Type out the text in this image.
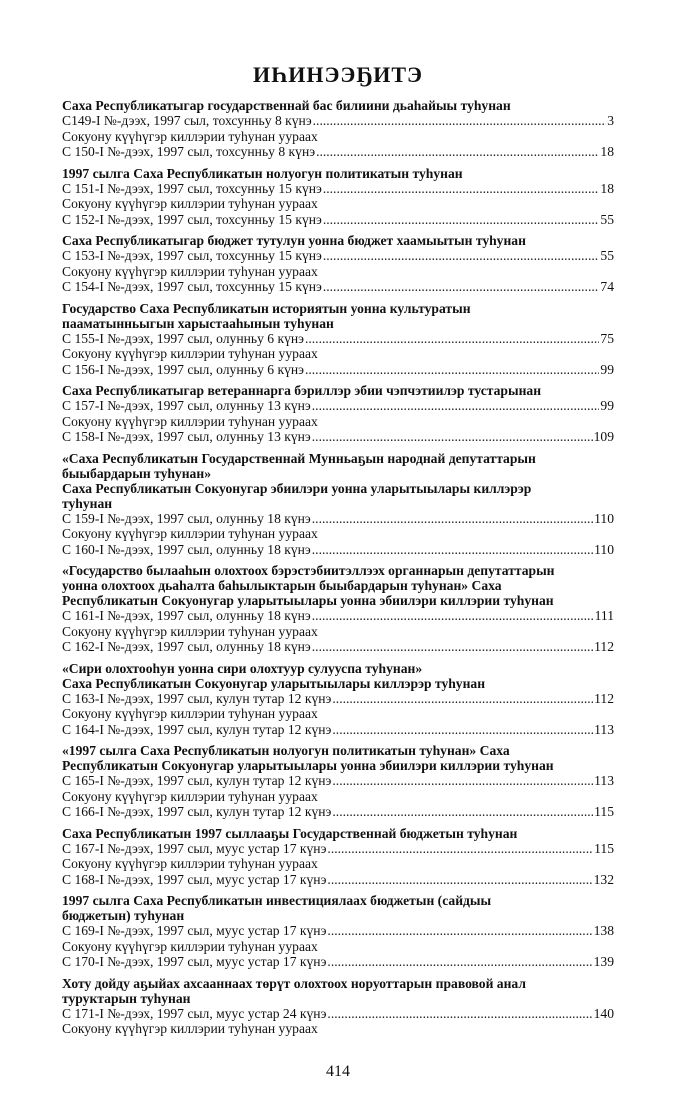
ИҺИНЭЭҔИТЭ
Саха Республикатыгар государственнай бас билиини дьаһайыы туһунан
С149-I №-дээх, 1997 сыл, тохсунньу 8 күнэ .....	3
Сокуону күүһүгэр киллэрии туһунан уураах
С 150-I №-дээх, 1997 сыл, тохсунньу 8 күнэ .....	18
1997 сылга Саха Республикатын нолуогун политикатын туһунан
С 151-I №-дээх, 1997 сыл, тохсунньу 15 күнэ .....	18
Сокуону күүһүгэр киллэрии туһунан уураах
С 152-I №-дээх, 1997 сыл, тохсунньу 15 күнэ .....	55
Саха Республикатыгар бюджет тутулун уонна бюджет хаамыытын туһунан
С 153-I №-дээх, 1997 сыл, тохсунньу 15 күнэ .....	55
Сокуону күүһүгэр киллэрии туһунан уураах
С 154-I №-дээх, 1997 сыл, тохсунньу 15 күнэ .....	74
Государство Саха Республикатын историятын уонна культуратын
пааматынньыгын харыстааһынын туһунан
С 155-I №-дээх, 1997 сыл, олунньу 6 күнэ .....	75
Сокуону күүһүгэр киллэрии туһунан уураах
С 156-I №-дээх, 1997 сыл, олунньу 6 күнэ .....	99
Саха Республикатыгар ветераннарга бэриллэр эбии чэпчэтиилэр тустарынан
С 157-I №-дээх, 1997 сыл, олунньу 13 күнэ .....	99
Сокуону күүһүгэр киллэрии туһунан уураах
С 158-I №-дээх, 1997 сыл, олунньу 13 күнэ .....	109
«Саха Республикатын Государственнай Мунньаҕын народнай депутаттарын
быыбардарын туһунан»
Саха Республикатын Сокуонугар эбиилэри уонна уларытыылары киллэрэр
туһунан
С 159-I №-дээх, 1997 сыл, олунньу 18 күнэ .....	110
Сокуону күүһүгэр киллэрии туһунан уураах
С 160-I №-дээх, 1997 сыл, олунньу 18 күнэ .....	110
«Государство былааһын олохтоох бэрэстэбиитэллээх органнарын депутаттарын
уонна олохтоох дьаһалта баһылыктарын быыбардарын туһунан» Саха
Республикатын Сокуонугар уларытыылары уонна эбиилэри киллэрии туһунан
С 161-I №-дээх, 1997 сыл, олунньу 18 күнэ .....	111
Сокуону күүһүгэр киллэрии туһунан уураах
С 162-I №-дээх, 1997 сыл, олунньу 18 күнэ .....	112
«Сири олохтооһун уонна сири олохтуур сулууспа туһунан»
Саха Республикатын Сокуонугар уларытыылары киллэрэр туһунан
С 163-I №-дээх, 1997 сыл, кулун тутар 12 күнэ .....	112
Сокуону күүһүгэр киллэрии туһунан уураах
С 164-I №-дээх, 1997 сыл, кулун тутар 12 күнэ .....	113
«1997 сылга Саха Республикатын нолуогун политикатын туһунан» Саха
Республикатын Сокуонугар уларытыылары уонна эбиилэри киллэрии туһунан
С 165-I №-дээх, 1997 сыл, кулун тутар 12 күнэ .....	113
Сокуону күүһүгэр киллэрии туһунан уураах
С 166-I №-дээх, 1997 сыл, кулун тутар 12 күнэ .....	115
Саха Республикатын 1997 сыллааҕы Государственнай бюджетын туһунан
С 167-I №-дээх, 1997 сыл, муус устар 17 күнэ .....	115
Сокуону күүһүгэр киллэрии туһунан уураах
С 168-I №-дээх, 1997 сыл, муус устар 17 күнэ .....	132
1997 сылга Саха Республикатын инвестициялаах бюджетын (сайдыы
бюджетын) туһунан
С 169-I №-дээх, 1997 сыл, муус устар 17 күнэ .....	138
Сокуону күүһүгэр киллэрии туһунан уураах
С 170-I №-дээх, 1997 сыл, муус устар 17 күнэ .....	139
Хоту дойду аҕыйах ахсааннаах төрүт олохтоох норуоттарын правовой анал
туруктарын туһунан
С 171-I №-дээх, 1997 сыл, муус устар 24 күнэ .....	140
Сокуону күүһүгэр киллэрии туһунан уураах
414
